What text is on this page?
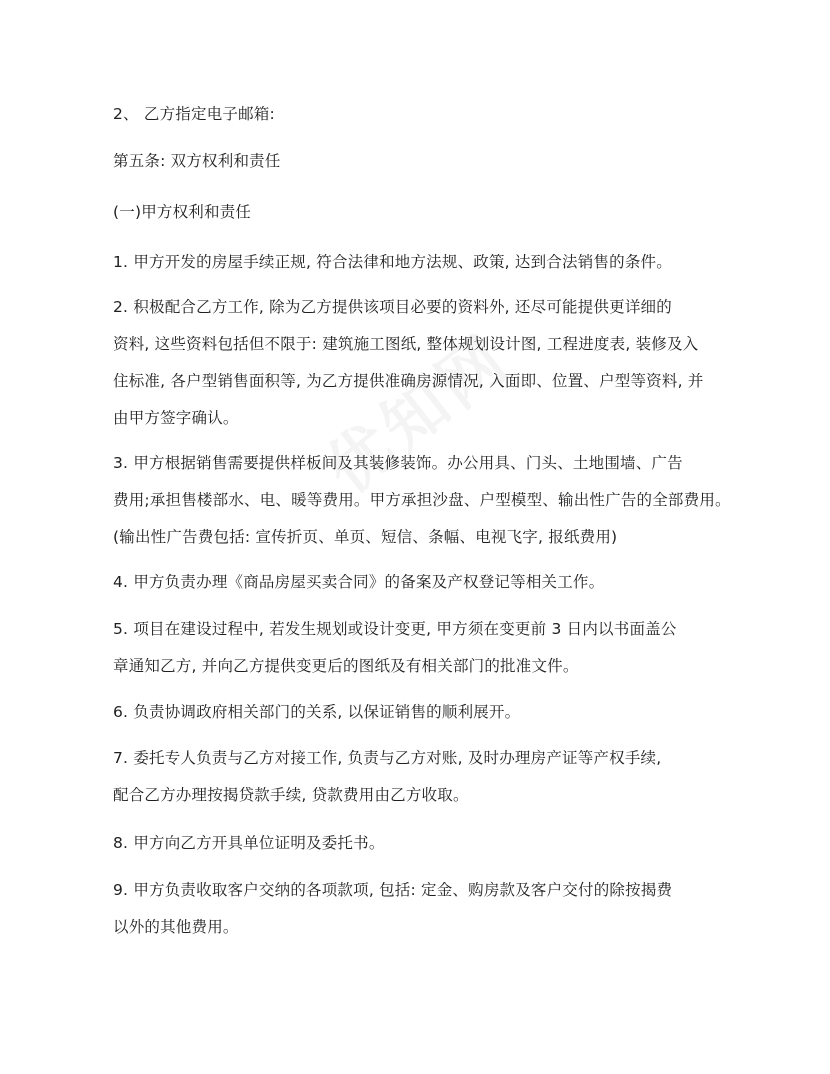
2、 乙方指定电子邮箱:

第五条: 双方权利和责任

(一)甲方权利和责任

1. 甲方开发的房屋手续正规, 符合法律和地方法规、政策, 达到合法销售的条件。

2. 积极配合乙方工作, 除为乙方提供该项目必要的资料外, 还尽可能提供更详细的
资料, 这些资料包括但不限于: 建筑施工图纸, 整体规划设计图, 工程进度表, 装修及入
住标准, 各户型销售面积等, 为乙方提供准确房源情况, 入面即、位置、户型等资料, 并
由甲方签字确认。

3. 甲方根据销售需要提供样板间及其装修装饰。办公用具、门头、土地围墙、广告
费用;承担售楼部水、电、暖等费用。甲方承担沙盘、户型模型、输出性广告的全部费用。
(输出性广告费包括: 宣传折页、单页、短信、条幅、电视飞字, 报纸费用)

4. 甲方负责办理《商品房屋买卖合同》的备案及产权登记等相关工作。

5. 项目在建设过程中, 若发生规划或设计变更, 甲方须在变更前 3 日内以书面盖公
章通知乙方, 并向乙方提供变更后的图纸及有相关部门的批准文件。

6. 负责协调政府相关部门的关系, 以保证销售的顺利展开。

7. 委托专人负责与乙方对接工作, 负责与乙方对账, 及时办理房产证等产权手续,
配合乙方办理按揭贷款手续, 贷款费用由乙方收取。

8. 甲方向乙方开具单位证明及委托书。

9. 甲方负责收取客户交纳的各项款项, 包括: 定金、购房款及客户交付的除按揭费
以外的其他费用。
